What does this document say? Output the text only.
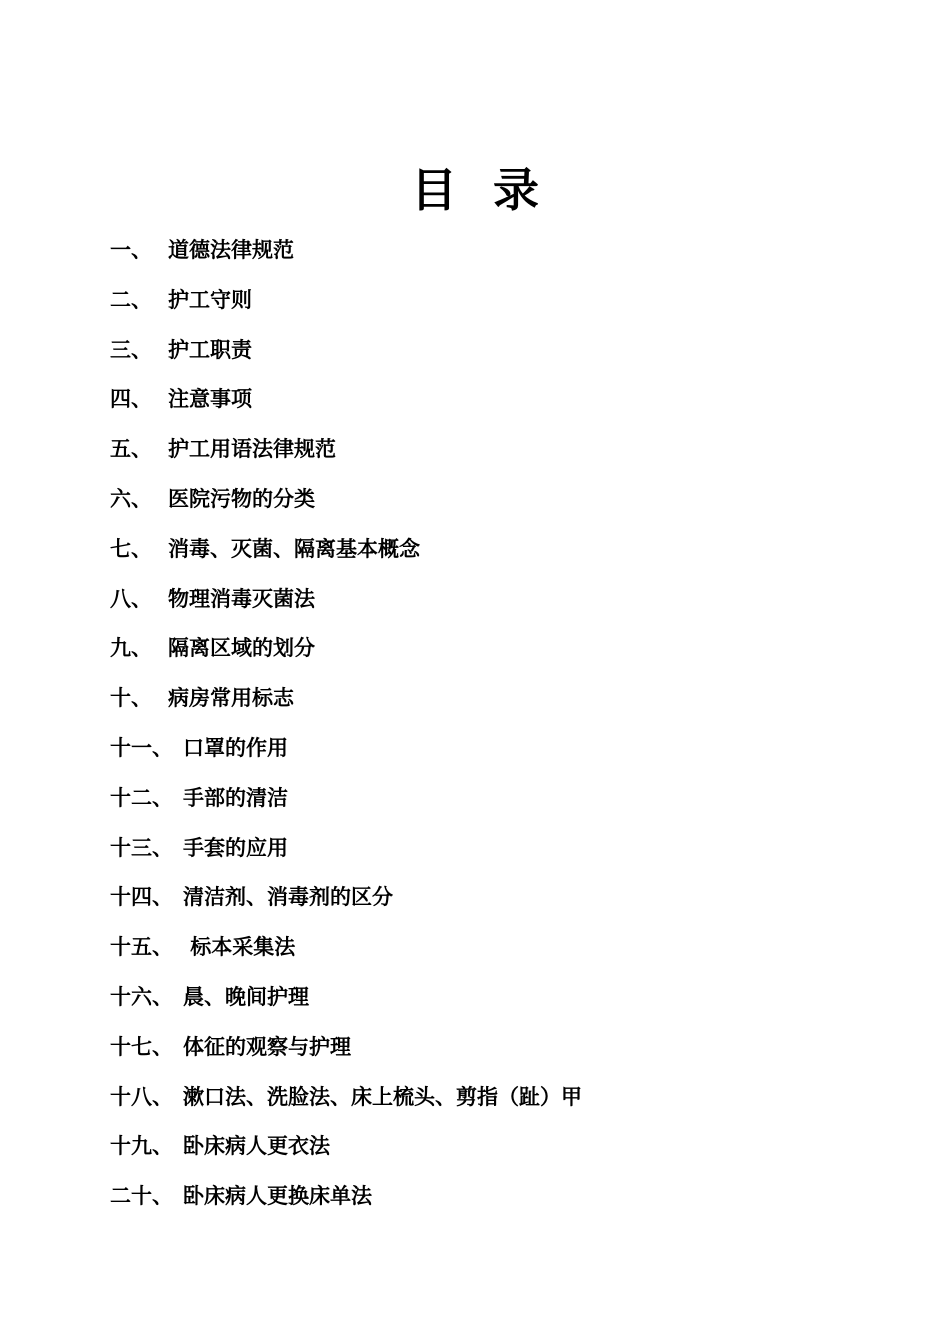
目录
一、 道德法律规范
二、 护工守则
三、 护工职责
四、 注意事项
五、 护工用语法律规范
六、 医院污物的分类
七、 消毒、灭菌、隔离基本概念
八、 物理消毒灭菌法
九、 隔离区域的划分
十、 病房常用标志
十一、 口罩的作用
十二、 手部的清洁
十三、 手套的应用
十四、 清洁剂、消毒剂的区分
十五、 标本采集法
十六、 晨、晚间护理
十七、 体征的观察与护理
十八、 漱口法、洗脸法、床上梳头、剪指（趾）甲
十九、 卧床病人更衣法
二十、 卧床病人更换床单法
